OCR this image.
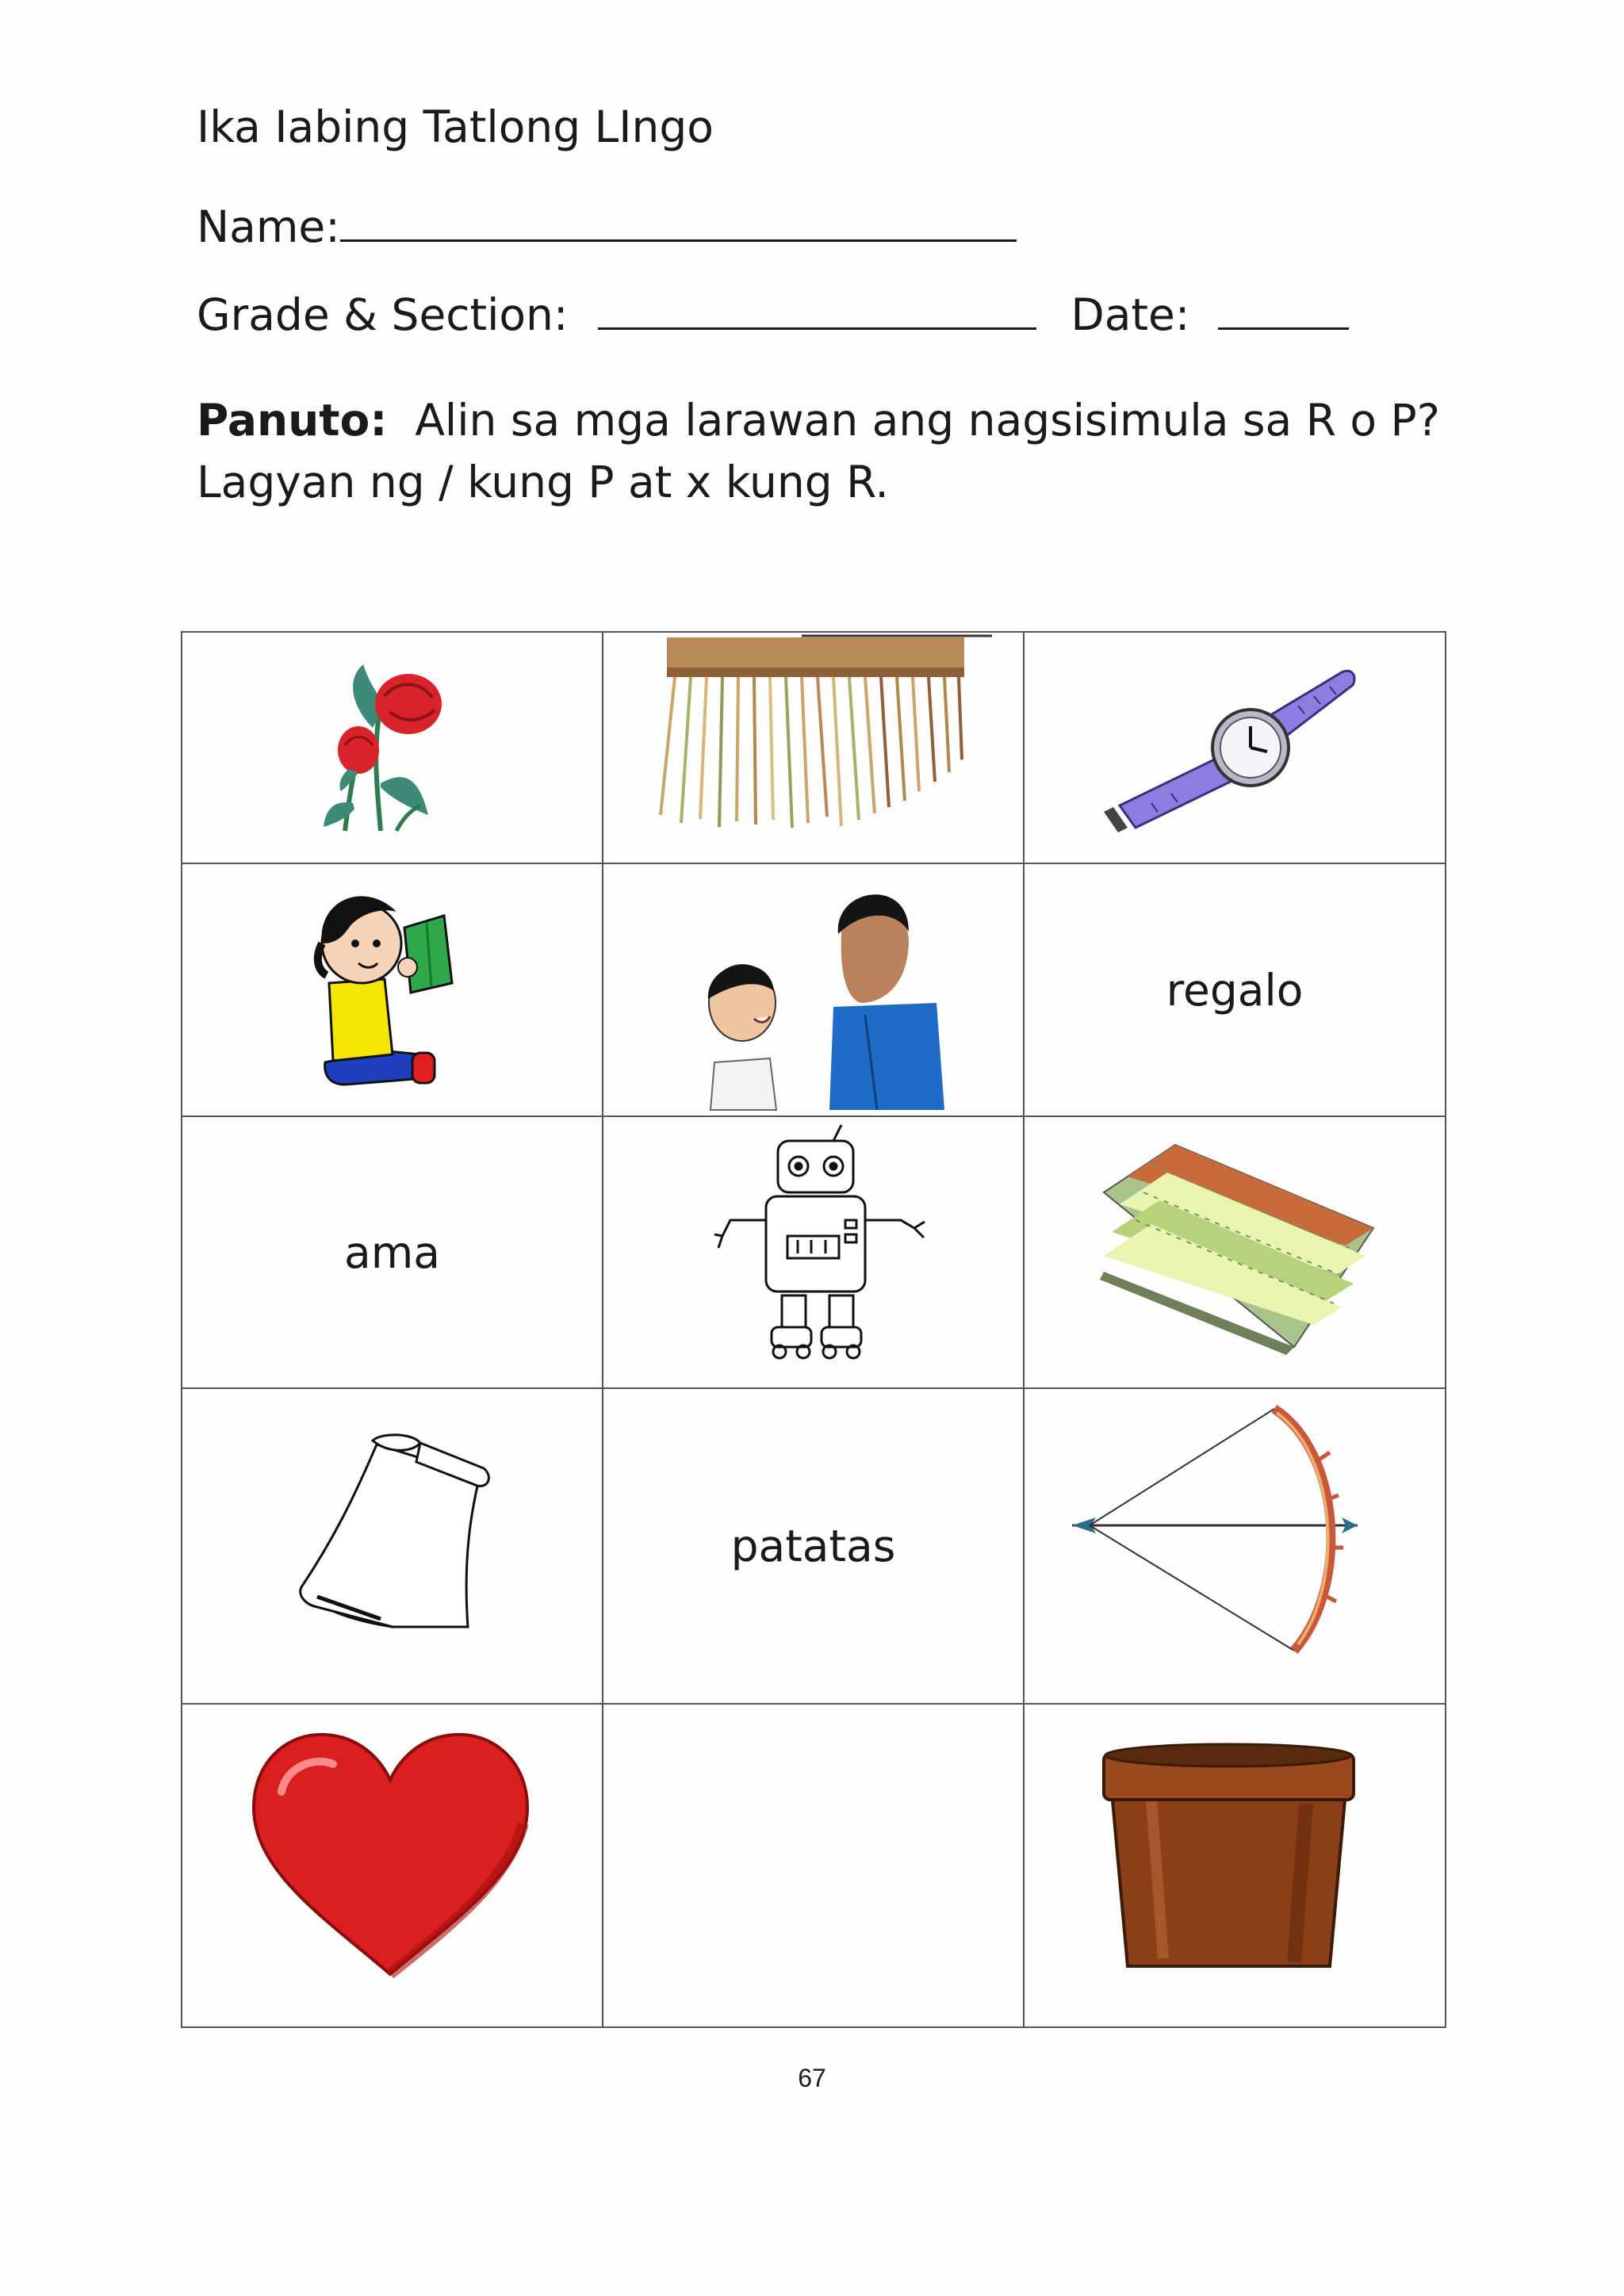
Ika Iabing Tatlong LIngo
Name:
Grade & Section:	Date:
Panuto: Alin sa mga larawan ang nagsisimula sa R o P?
Lagyan ng / kung P at x kung R.

		regalo
ama		
	patatas	

67
